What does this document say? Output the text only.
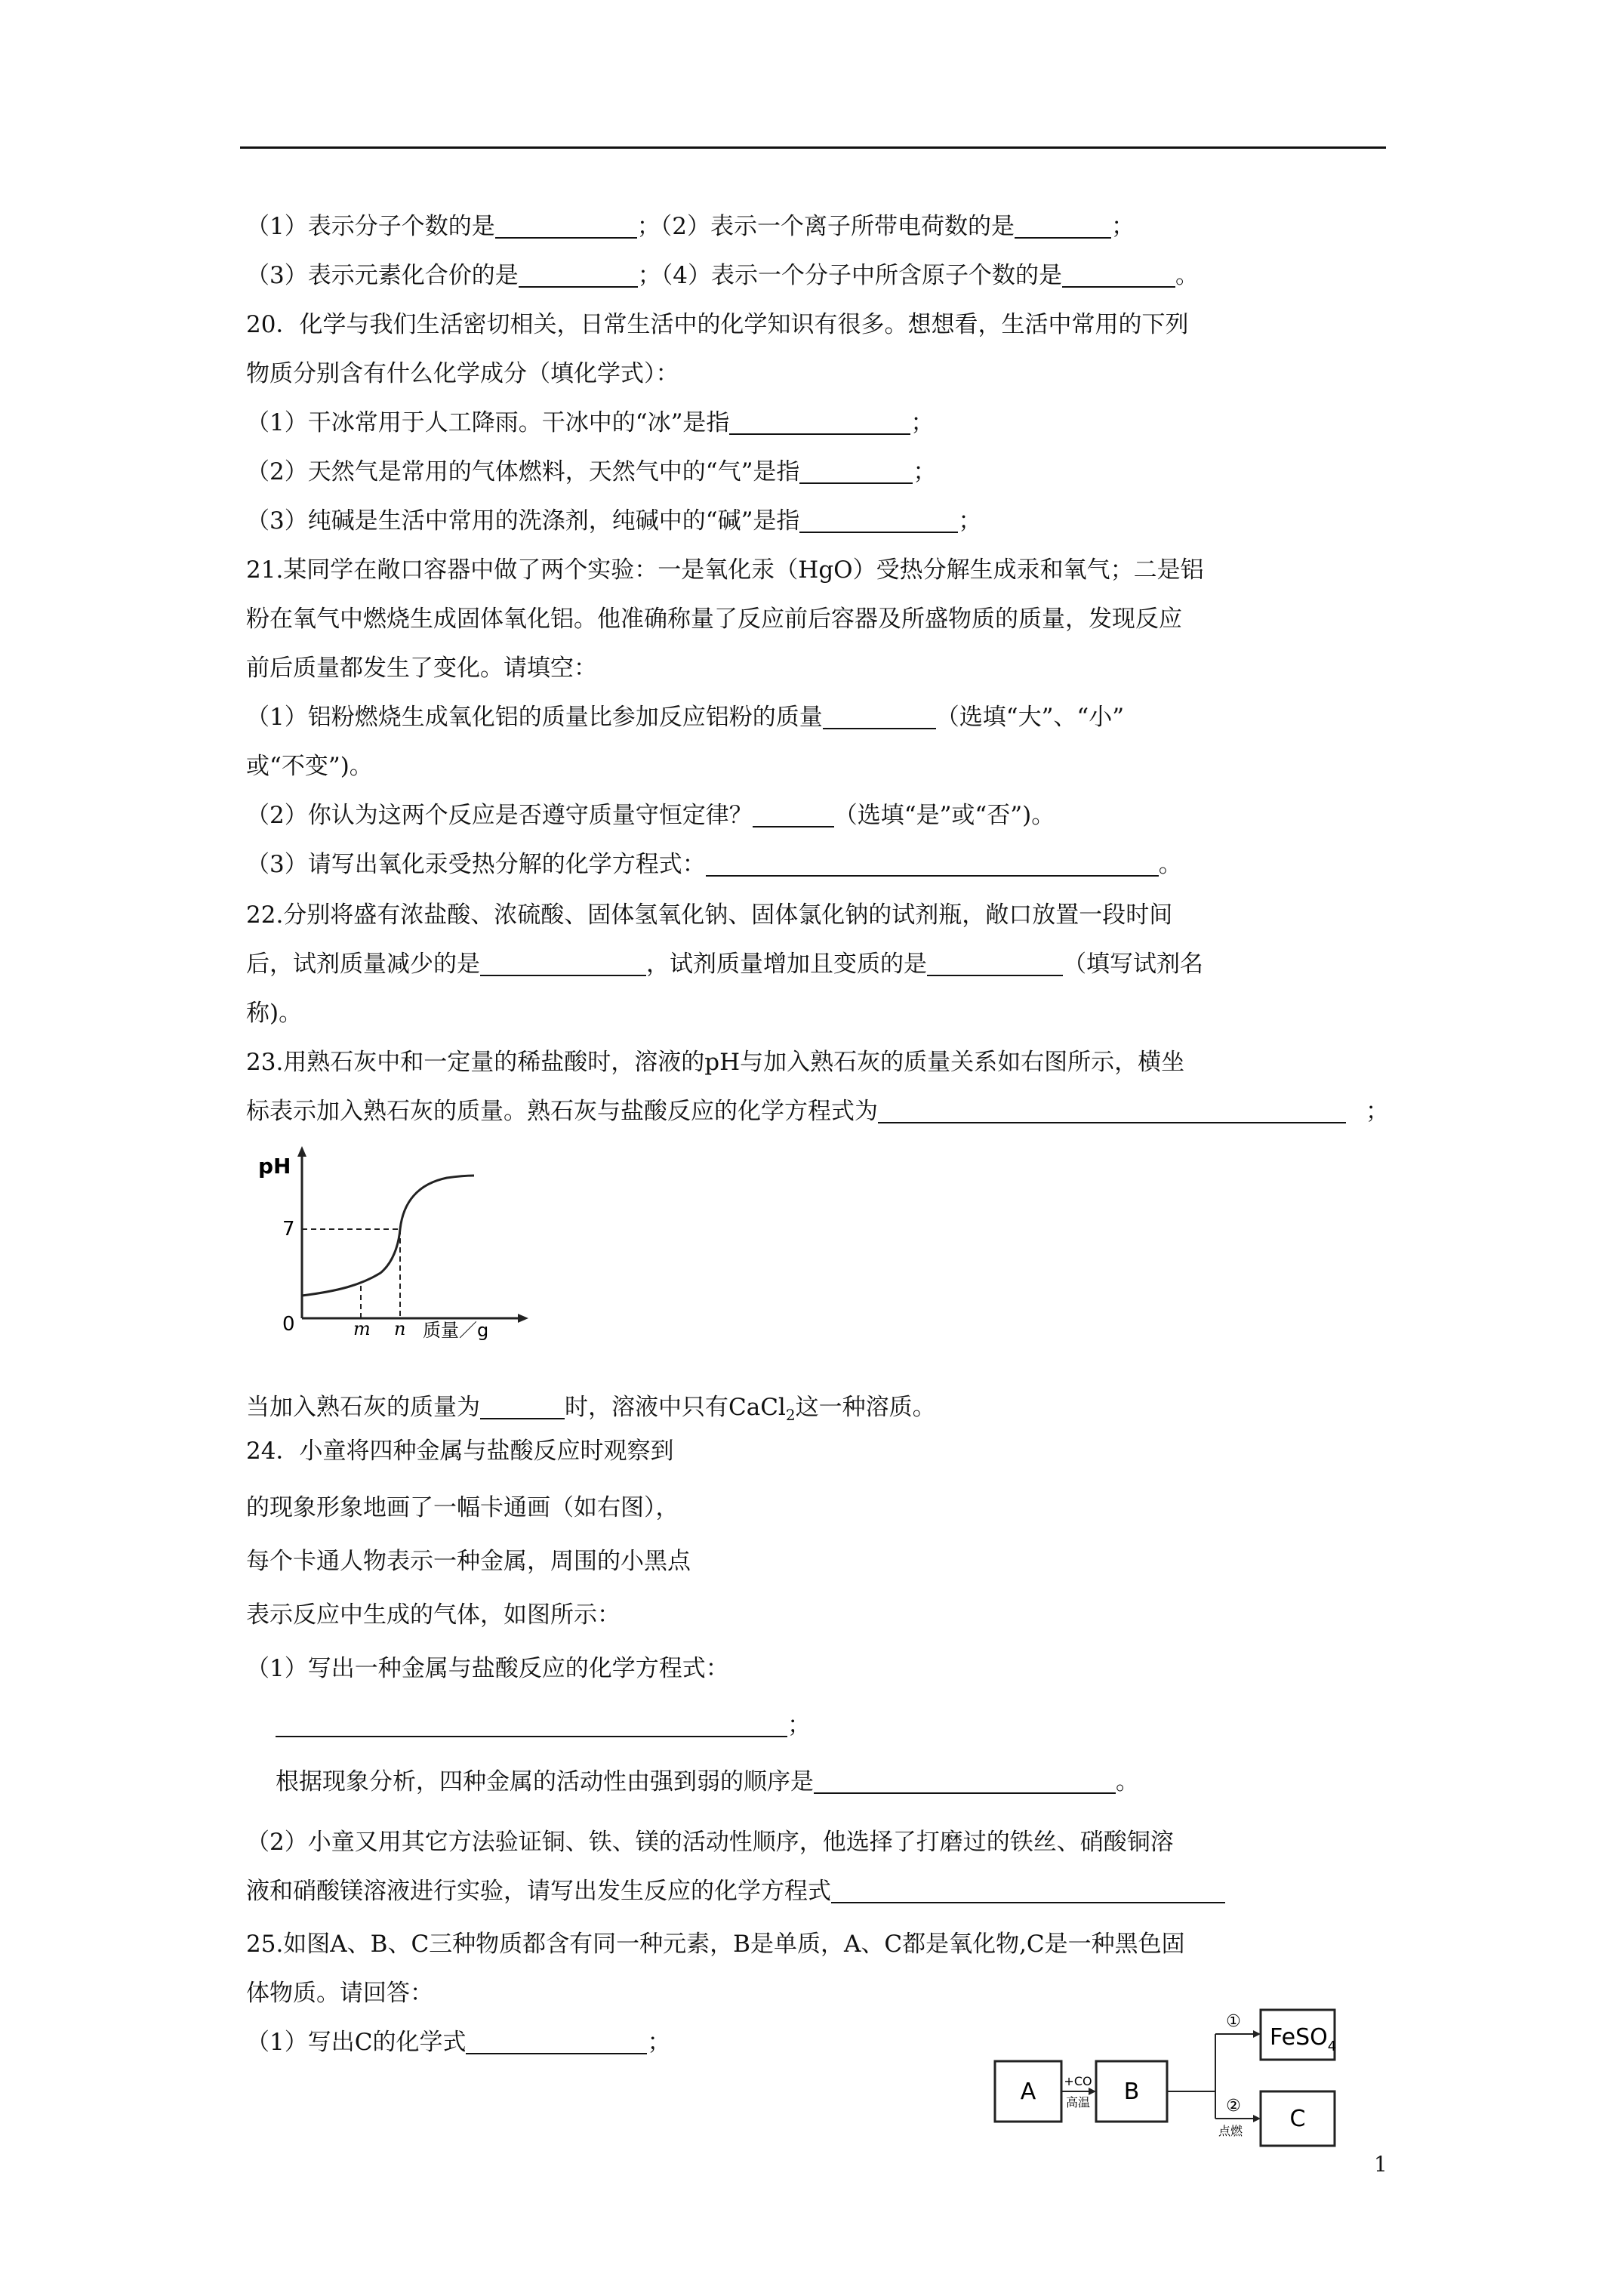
（1）表示分子个数的是	；（2）表示一个离子所带电荷数的是	；
（3）表示元素化合价的是	；（4）表示一个分子中所含原子个数的是	。
20．化学与我们生活密切相关，日常生活中的化学知识有很多。想想看，生活中常用的下列
物质分别含有什么化学成分（填化学式）：
（1）干冰常用于人工降雨。干冰中的“冰”是指	；
（2）天然气是常用的气体燃料，天然气中的“气”是指	；
（3）纯碱是生活中常用的洗涤剂，纯碱中的“碱”是指	；
21.某同学在敞口容器中做了两个实验：一是氧化汞（HgO）受热分解生成汞和氧气；二是铝
粉在氧气中燃烧生成固体氧化铝。他准确称量了反应前后容器及所盛物质的质量，发现反应
前后质量都发生了变化。请填空：
（1）铝粉燃烧生成氧化铝的质量比参加反应铝粉的质量	（选填“大”、“小”
或“不变”)。
（2）你认为这两个反应是否遵守质量守恒定律？	（选填“是”或“否”)。
（3）请写出氧化汞受热分解的化学方程式：	。
22.分别将盛有浓盐酸、浓硫酸、固体氢氧化钠、固体氯化钠的试剂瓶，敞口放置一段时间
后，试剂质量减少的是	，试剂质量增加且变质的是	（填写试剂名
称)。
23.用熟石灰中和一定量的稀盐酸时，溶液的pH与加入熟石灰的质量关系如右图所示，横坐
标表示加入熟石灰的质量。熟石灰与盐酸反应的化学方程式为	；
pH
7
0	m n 质量／g
当加入熟石灰的质量为	时，溶液中只有CaCl$_2$这一种溶质。
24．小童将四种金属与盐酸反应时观察到
的现象形象地画了一幅卡通画（如右图），
每个卡通人物表示一种金属，周围的小黑点
表示反应中生成的气体，如图所示：
（1）写出一种金属与盐酸反应的化学方程式：
；
根据现象分析，四种金属的活动性由强到弱的顺序是	。
（2）小童又用其它方法验证铜、铁、镁的活动性顺序，他选择了打磨过的铁丝、硝酸铜溶
液和硝酸镁溶液进行实验，请写出发生反应的化学方程式
25.如图A、B、C三种物质都含有同一种元素，B是单质，A、C都是氧化物,C是一种黑色固
体物质。请回答：
（1）写出C的化学式	；
A	B
FeSO$_4$
C
+CO
高温
①
②
点燃
1
